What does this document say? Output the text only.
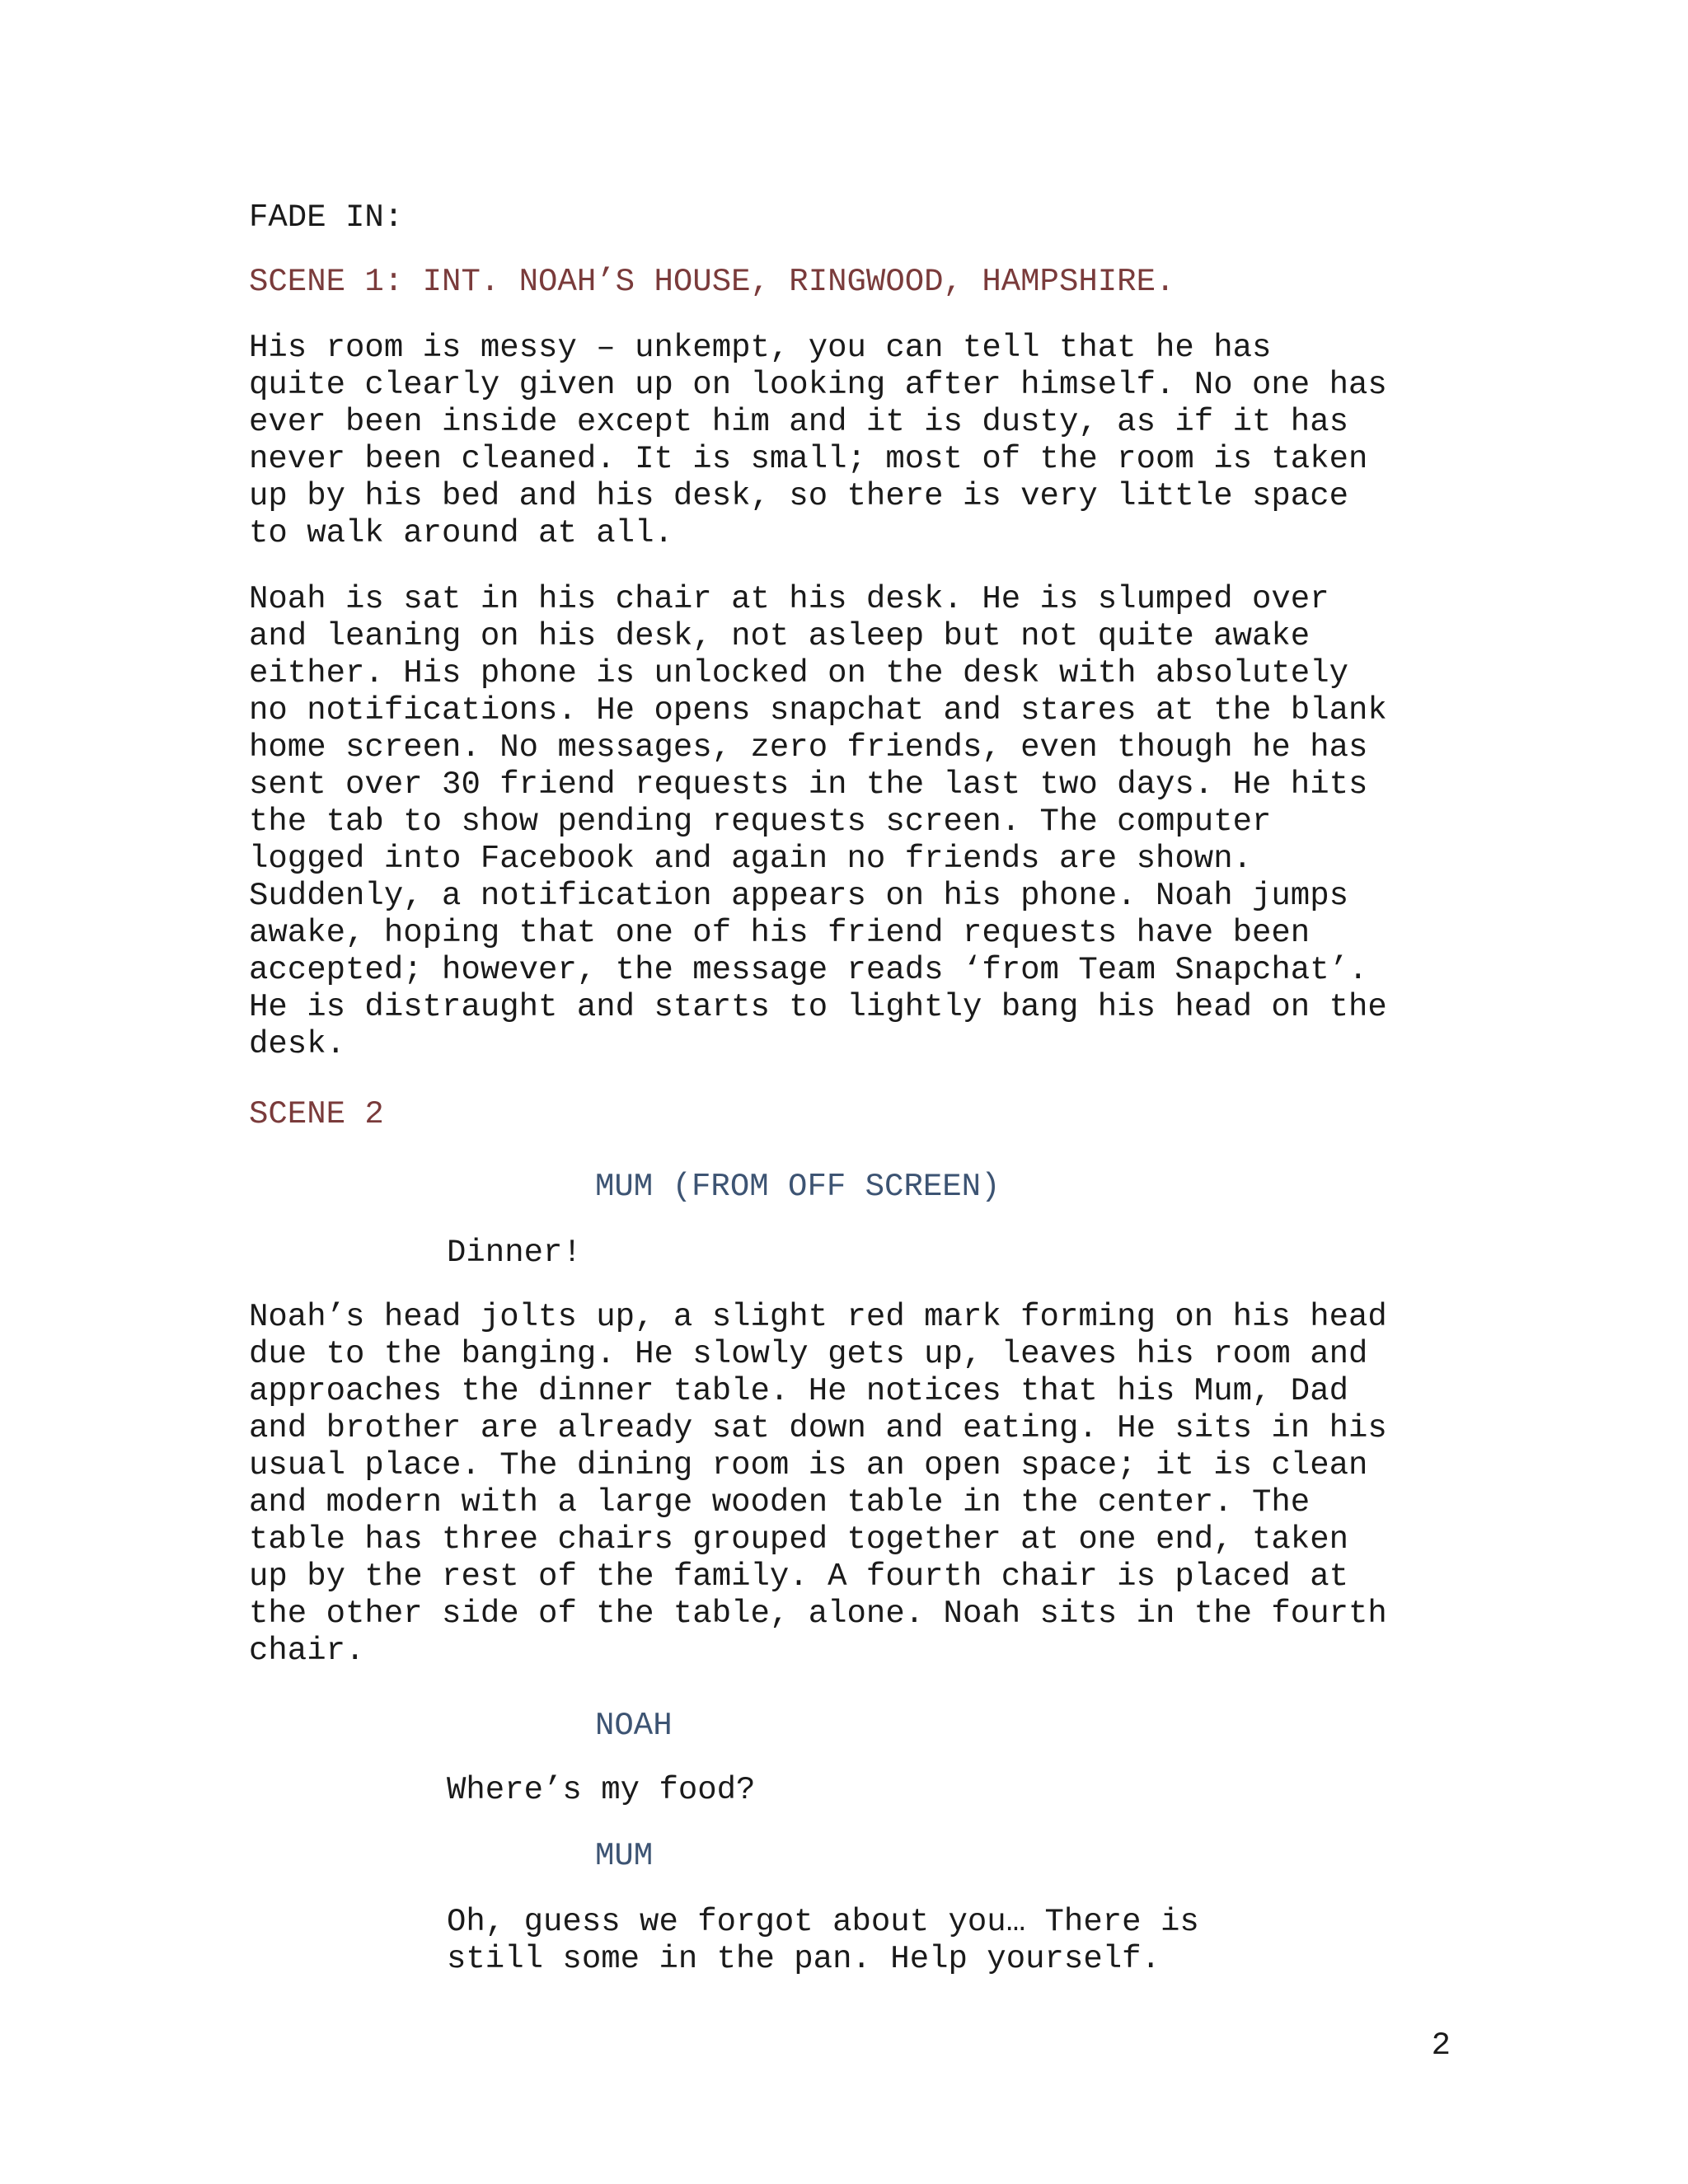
FADE IN:

SCENE 1: INT. NOAH’S HOUSE, RINGWOOD, HAMPSHIRE.

His room is messy – unkempt, you can tell that he has
quite clearly given up on looking after himself. No one has
ever been inside except him and it is dusty, as if it has
never been cleaned. It is small; most of the room is taken
up by his bed and his desk, so there is very little space
to walk around at all.

Noah is sat in his chair at his desk. He is slumped over
and leaning on his desk, not asleep but not quite awake
either. His phone is unlocked on the desk with absolutely
no notifications. He opens snapchat and stares at the blank
home screen. No messages, zero friends, even though he has
sent over 30 friend requests in the last two days. He hits
the tab to show pending requests screen. The computer
logged into Facebook and again no friends are shown.
Suddenly, a notification appears on his phone. Noah jumps
awake, hoping that one of his friend requests have been
accepted; however, the message reads ‘from Team Snapchat’.
He is distraught and starts to lightly bang his head on the
desk.

SCENE 2

MUM (FROM OFF SCREEN)

Dinner!

Noah’s head jolts up, a slight red mark forming on his head
due to the banging. He slowly gets up, leaves his room and
approaches the dinner table. He notices that his Mum, Dad
and brother are already sat down and eating. He sits in his
usual place. The dining room is an open space; it is clean
and modern with a large wooden table in the center. The
table has three chairs grouped together at one end, taken
up by the rest of the family. A fourth chair is placed at
the other side of the table, alone. Noah sits in the fourth
chair.

NOAH

Where’s my food?

MUM

Oh, guess we forgot about you… There is
still some in the pan. Help yourself.

2
